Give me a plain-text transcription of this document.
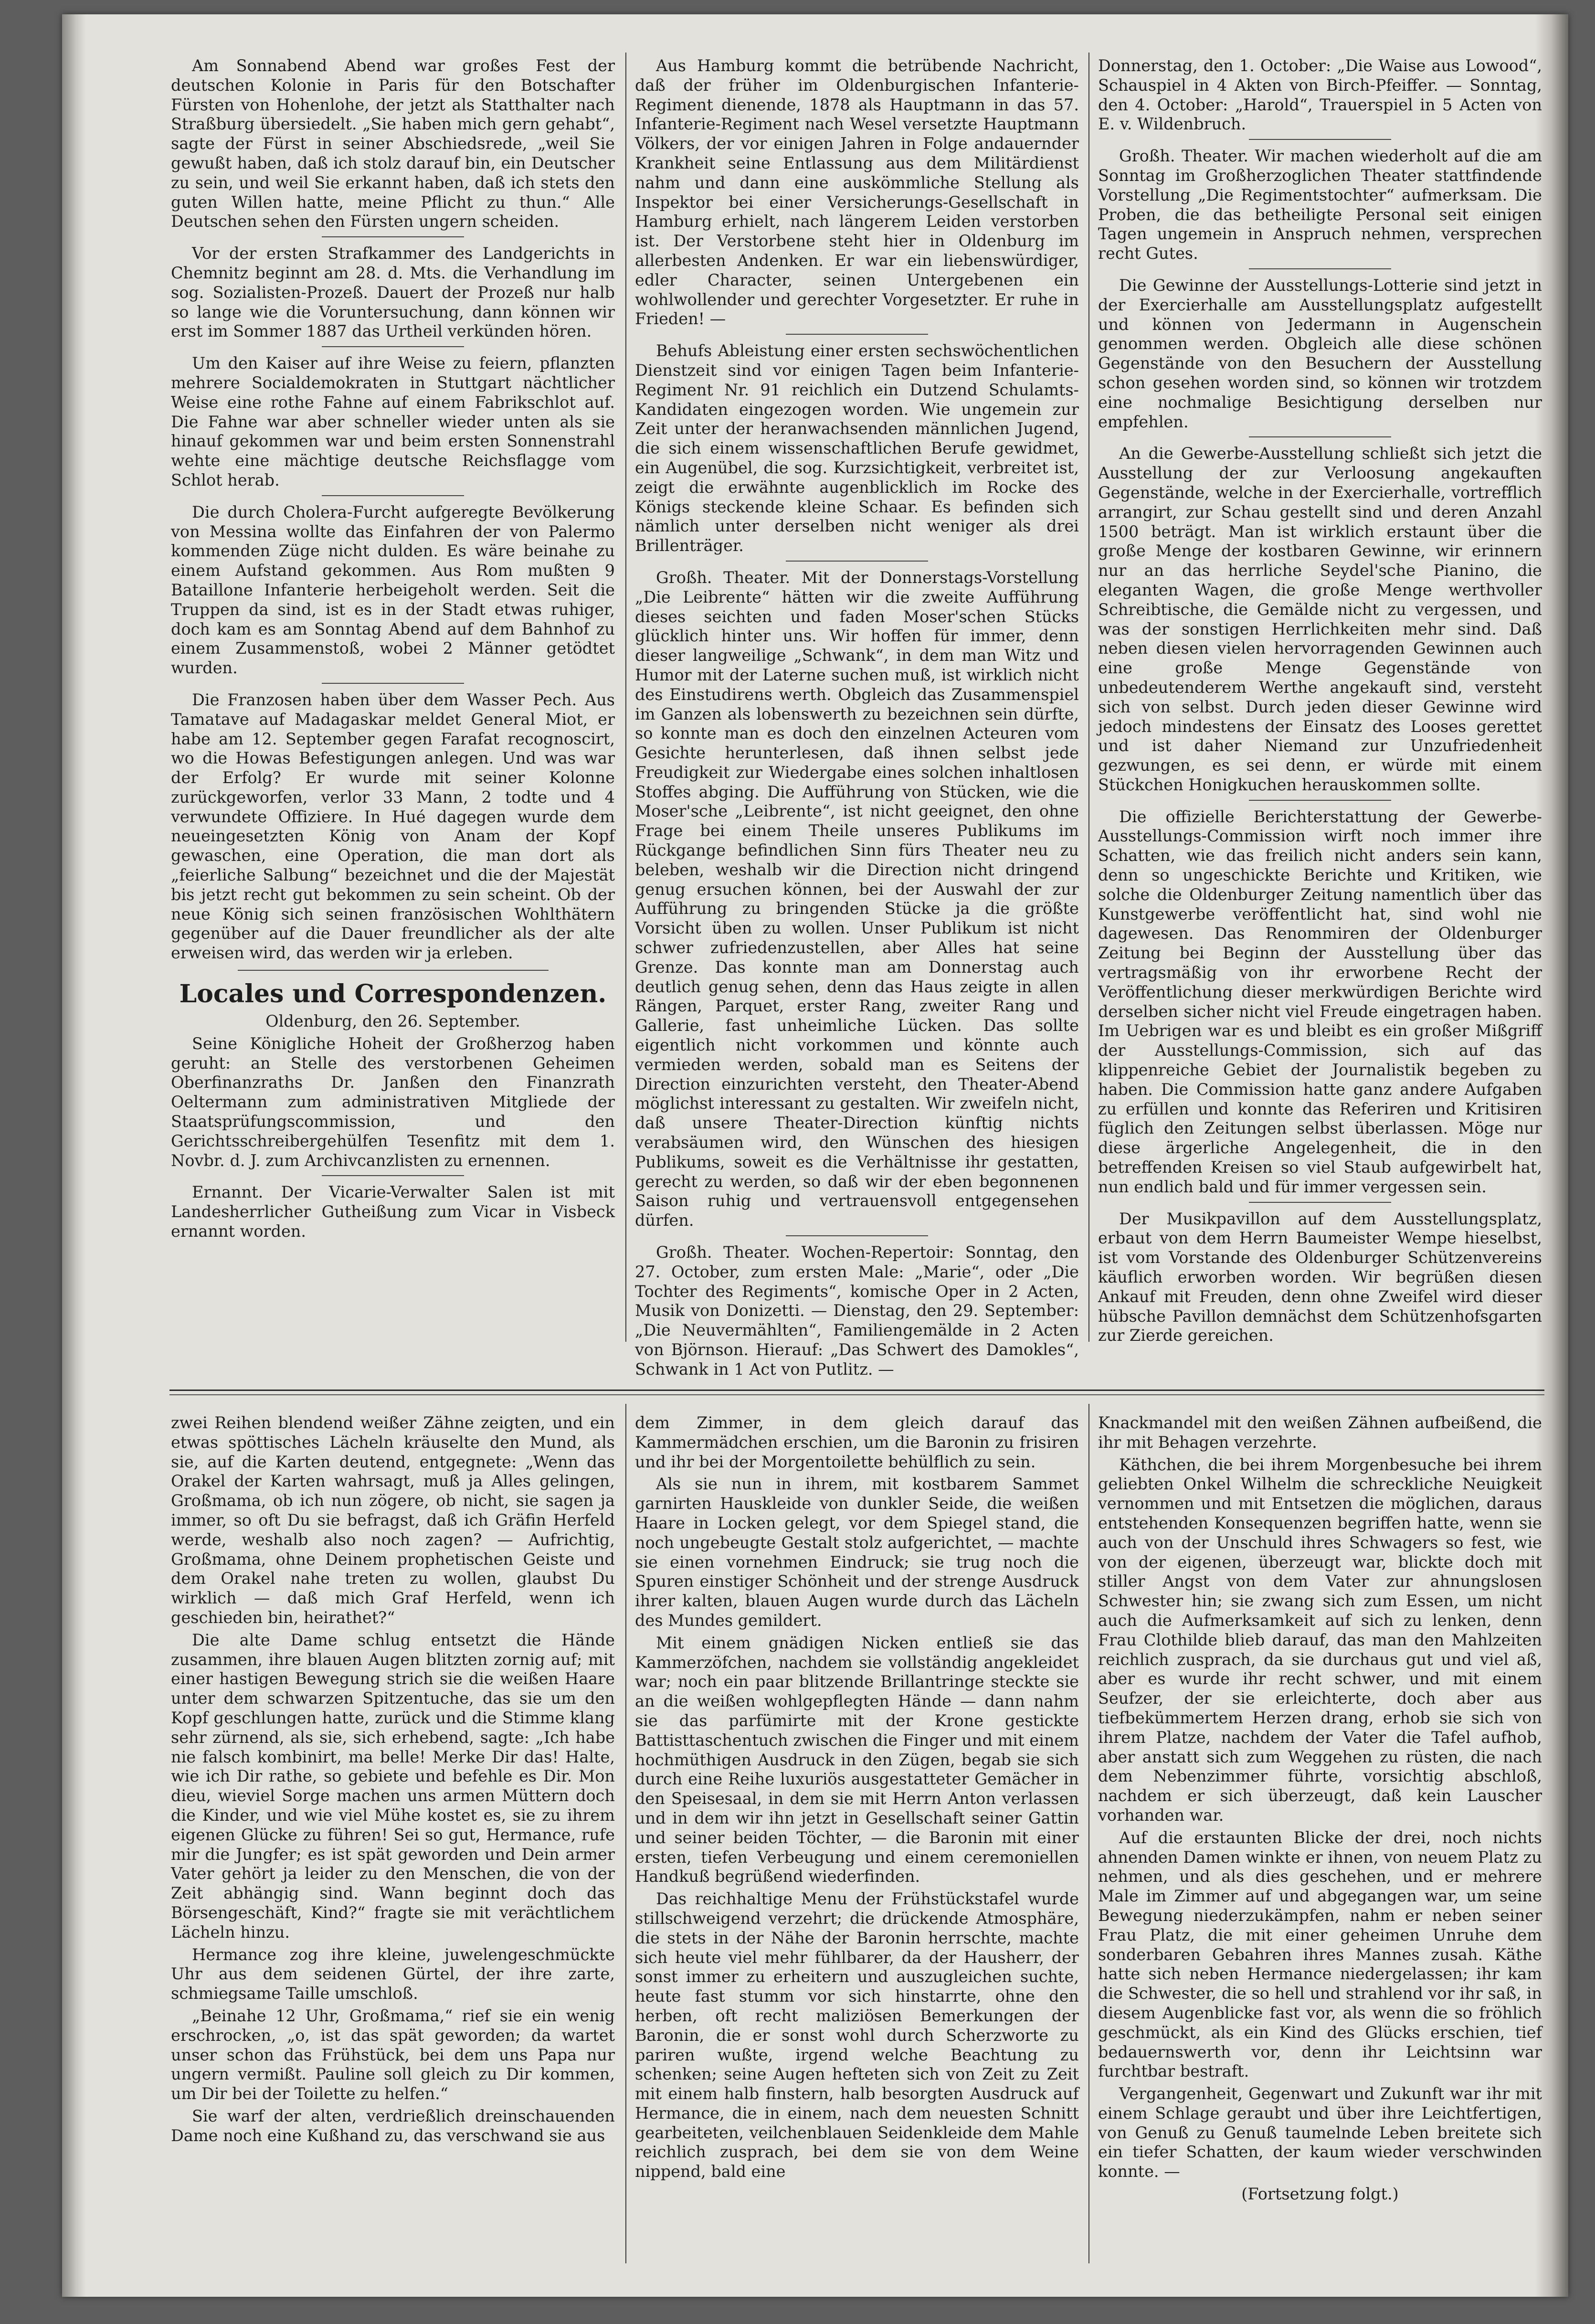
Am Sonnabend Abend war großes Fest der deutschen Kolonie in Paris für den Botschafter Fürsten von Hohenlohe, der jetzt als Statthalter nach Straßburg übersiedelt. „Sie haben mich gern gehabt“, sagte der Fürst in seiner Abschiedsrede, „weil Sie gewußt haben, daß ich stolz darauf bin, ein Deutscher zu sein, und weil Sie erkannt haben, daß ich stets den guten Willen hatte, meine Pflicht zu thun.“ Alle Deutschen sehen den Fürsten ungern scheiden.

Vor der ersten Strafkammer des Landgerichts in Chemnitz beginnt am 28. d. Mts. die Verhandlung im sog. Sozialisten-Prozeß. Dauert der Prozeß nur halb so lange wie die Voruntersuchung, dann können wir erst im Sommer 1887 das Urtheil verkünden hören.

Um den Kaiser auf ihre Weise zu feiern, pflanzten mehrere Socialdemokraten in Stuttgart nächtlicher Weise eine rothe Fahne auf einem Fabrikschlot auf. Die Fahne war aber schneller wieder unten als sie hinauf gekommen war und beim ersten Sonnenstrahl wehte eine mächtige deutsche Reichsflagge vom Schlot herab.

Die durch Cholera-Furcht aufgeregte Bevölkerung von Messina wollte das Einfahren der von Palermo kommenden Züge nicht dulden. Es wäre beinahe zu einem Aufstand gekommen. Aus Rom mußten 9 Bataillone Infanterie herbeigeholt werden. Seit die Truppen da sind, ist es in der Stadt etwas ruhiger, doch kam es am Sonntag Abend auf dem Bahnhof zu einem Zusammenstoß, wobei 2 Männer getödtet wurden.

Die Franzosen haben über dem Wasser Pech. Aus Tamatave auf Madagaskar meldet General Miot, er habe am 12. September gegen Farafat recognoscirt, wo die Howas Befestigungen anlegen. Und was war der Erfolg? Er wurde mit seiner Kolonne zurückgeworfen, verlor 33 Mann, 2 todte und 4 verwundete Offiziere. In Hué dagegen wurde dem neueingesetzten König von Anam der Kopf gewaschen, eine Operation, die man dort als „feierliche Salbung“ bezeichnet und die der Majestät bis jetzt recht gut bekommen zu sein scheint. Ob der neue König sich seinen französischen Wohlthätern gegenüber auf die Dauer freundlicher als der alte erweisen wird, das werden wir ja erleben.

Locales und Correspondenzen.

Oldenburg, den 26. September.

Seine Königliche Hoheit der Großherzog haben geruht: an Stelle des verstorbenen Geheimen Oberfinanzraths Dr. Janßen den Finanzrath Oeltermann zum administrativen Mitgliede der Staatsprüfungscommission, und den Gerichtsschreibergehülfen Tesenfitz mit dem 1. Novbr. d. J. zum Archivcanzlisten zu ernennen.

Ernannt. Der Vicarie-Verwalter Salen ist mit Landesherrlicher Gutheißung zum Vicar in Visbeck ernannt worden.

Aus Hamburg kommt die betrübende Nachricht, daß der früher im Oldenburgischen Infanterie-Regiment dienende, 1878 als Hauptmann in das 57. Infanterie-Regiment nach Wesel versetzte Hauptmann Völkers, der vor einigen Jahren in Folge andauernder Krankheit seine Entlassung aus dem Militärdienst nahm und dann eine auskömmliche Stellung als Inspektor bei einer Versicherungs-Gesellschaft in Hamburg erhielt, nach längerem Leiden verstorben ist. Der Verstorbene steht hier in Oldenburg im allerbesten Andenken. Er war ein liebenswürdiger, edler Character, seinen Untergebenen ein wohlwollender und gerechter Vorgesetzter. Er ruhe in Frieden! —

Behufs Ableistung einer ersten sechswöchentlichen Dienstzeit sind vor einigen Tagen beim Infanterie-Regiment Nr. 91 reichlich ein Dutzend Schulamts-Kandidaten eingezogen worden. Wie ungemein zur Zeit unter der heranwachsenden männlichen Jugend, die sich einem wissenschaftlichen Berufe gewidmet, ein Augenübel, die sog. Kurzsichtigkeit, verbreitet ist, zeigt die erwähnte augenblicklich im Rocke des Königs steckende kleine Schaar. Es befinden sich nämlich unter derselben nicht weniger als drei Brillenträger.

Großh. Theater. Mit der Donnerstags-Vorstellung „Die Leibrente“ hätten wir die zweite Aufführung dieses seichten und faden Moser'schen Stücks glücklich hinter uns. Wir hoffen für immer, denn dieser langweilige „Schwank“, in dem man Witz und Humor mit der Laterne suchen muß, ist wirklich nicht des Einstudirens werth. Obgleich das Zusammenspiel im Ganzen als lobenswerth zu bezeichnen sein dürfte, so konnte man es doch den einzelnen Acteuren vom Gesichte herunterlesen, daß ihnen selbst jede Freudigkeit zur Wiedergabe eines solchen inhaltlosen Stoffes abging. Die Aufführung von Stücken, wie die Moser'sche „Leibrente“, ist nicht geeignet, den ohne Frage bei einem Theile unseres Publikums im Rückgange befindlichen Sinn fürs Theater neu zu beleben, weshalb wir die Direction nicht dringend genug ersuchen können, bei der Auswahl der zur Aufführung zu bringenden Stücke ja die größte Vorsicht üben zu wollen. Unser Publikum ist nicht schwer zufriedenzustellen, aber Alles hat seine Grenze. Das konnte man am Donnerstag auch deutlich genug sehen, denn das Haus zeigte in allen Rängen, Parquet, erster Rang, zweiter Rang und Gallerie, fast unheimliche Lücken. Das sollte eigentlich nicht vorkommen und könnte auch vermieden werden, sobald man es Seitens der Direction einzurichten versteht, den Theater-Abend möglichst interessant zu gestalten. Wir zweifeln nicht, daß unsere Theater-Direction künftig nichts verabsäumen wird, den Wünschen des hiesigen Publikums, soweit es die Verhältnisse ihr gestatten, gerecht zu werden, so daß wir der eben begonnenen Saison ruhig und vertrauensvoll entgegensehen dürfen.

Großh. Theater. Wochen-Repertoir: Sonntag, den 27. October, zum ersten Male: „Marie“, oder „Die Tochter des Regiments“, komische Oper in 2 Acten, Musik von Donizetti. — Dienstag, den 29. September: „Die Neuvermählten“, Familiengemälde in 2 Acten von Björnson. Hierauf: „Das Schwert des Damokles“, Schwank in 1 Act von Putlitz. —

Donnerstag, den 1. October: „Die Waise aus Lowood“, Schauspiel in 4 Akten von Birch-Pfeiffer. — Sonntag, den 4. October: „Harold“, Trauerspiel in 5 Acten von E. v. Wildenbruch.

Großh. Theater. Wir machen wiederholt auf die am Sonntag im Großherzoglichen Theater stattfindende Vorstellung „Die Regimentstochter“ aufmerksam. Die Proben, die das betheiligte Personal seit einigen Tagen ungemein in Anspruch nehmen, versprechen recht Gutes.

Die Gewinne der Ausstellungs-Lotterie sind jetzt in der Exercierhalle am Ausstellungsplatz aufgestellt und können von Jedermann in Augenschein genommen werden. Obgleich alle diese schönen Gegenstände von den Besuchern der Ausstellung schon gesehen worden sind, so können wir trotzdem eine nochmalige Besichtigung derselben nur empfehlen.

An die Gewerbe-Ausstellung schließt sich jetzt die Ausstellung der zur Verloosung angekauften Gegenstände, welche in der Exercierhalle, vortrefflich arrangirt, zur Schau gestellt sind und deren Anzahl 1500 beträgt. Man ist wirklich erstaunt über die große Menge der kostbaren Gewinne, wir erinnern nur an das herrliche Seydel'sche Pianino, die eleganten Wagen, die große Menge werthvoller Schreibtische, die Gemälde nicht zu vergessen, und was der sonstigen Herrlichkeiten mehr sind. Daß neben diesen vielen hervorragenden Gewinnen auch eine große Menge Gegenstände von unbedeutenderem Werthe angekauft sind, versteht sich von selbst. Durch jeden dieser Gewinne wird jedoch mindestens der Einsatz des Looses gerettet und ist daher Niemand zur Unzufriedenheit gezwungen, es sei denn, er würde mit einem Stückchen Honigkuchen herauskommen sollte.

Die offizielle Berichterstattung der Gewerbe-Ausstellungs-Commission wirft noch immer ihre Schatten, wie das freilich nicht anders sein kann, denn so ungeschickte Berichte und Kritiken, wie solche die Oldenburger Zeitung namentlich über das Kunstgewerbe veröffentlicht hat, sind wohl nie dagewesen. Das Renommiren der Oldenburger Zeitung bei Beginn der Ausstellung über das vertragsmäßig von ihr erworbene Recht der Veröffentlichung dieser merkwürdigen Berichte wird derselben sicher nicht viel Freude eingetragen haben. Im Uebrigen war es und bleibt es ein großer Mißgriff der Ausstellungs-Commission, sich auf das klippenreiche Gebiet der Journalistik begeben zu haben. Die Commission hatte ganz andere Aufgaben zu erfüllen und konnte das Referiren und Kritisiren füglich den Zeitungen selbst überlassen. Möge nur diese ärgerliche Angelegenheit, die in den betreffenden Kreisen so viel Staub aufgewirbelt hat, nun endlich bald und für immer vergessen sein.

Der Musikpavillon auf dem Ausstellungsplatz, erbaut von dem Herrn Baumeister Wempe hieselbst, ist vom Vorstande des Oldenburger Schützenvereins käuflich erworben worden. Wir begrüßen diesen Ankauf mit Freuden, denn ohne Zweifel wird dieser hübsche Pavillon demnächst dem Schützenhofsgarten zur Zierde gereichen.

zwei Reihen blendend weißer Zähne zeigten, und ein etwas spöttisches Lächeln kräuselte den Mund, als sie, auf die Karten deutend, entgegnete: „Wenn das Orakel der Karten wahrsagt, muß ja Alles gelingen, Großmama, ob ich nun zögere, ob nicht, sie sagen ja immer, so oft Du sie befragst, daß ich Gräfin Herfeld werde, weshalb also noch zagen? — Aufrichtig, Großmama, ohne Deinem prophetischen Geiste und dem Orakel nahe treten zu wollen, glaubst Du wirklich — daß mich Graf Herfeld, wenn ich geschieden bin, heirathet?“

Die alte Dame schlug entsetzt die Hände zusammen, ihre blauen Augen blitzten zornig auf; mit einer hastigen Bewegung strich sie die weißen Haare unter dem schwarzen Spitzentuche, das sie um den Kopf geschlungen hatte, zurück und die Stimme klang sehr zürnend, als sie, sich erhebend, sagte: „Ich habe nie falsch kombinirt, ma belle! Merke Dir das! Halte, wie ich Dir rathe, so gebiete und befehle es Dir. Mon dieu, wieviel Sorge machen uns armen Müttern doch die Kinder, und wie viel Mühe kostet es, sie zu ihrem eigenen Glücke zu führen! Sei so gut, Hermance, rufe mir die Jungfer; es ist spät geworden und Dein armer Vater gehört ja leider zu den Menschen, die von der Zeit abhängig sind. Wann beginnt doch das Börsengeschäft, Kind?“ fragte sie mit verächtlichem Lächeln hinzu.

Hermance zog ihre kleine, juwelengeschmückte Uhr aus dem seidenen Gürtel, der ihre zarte, schmiegsame Taille umschloß.

„Beinahe 12 Uhr, Großmama,“ rief sie ein wenig erschrocken, „o, ist das spät geworden; da wartet unser schon das Frühstück, bei dem uns Papa nur ungern vermißt. Pauline soll gleich zu Dir kommen, um Dir bei der Toilette zu helfen.“

Sie warf der alten, verdrießlich dreinschauenden Dame noch eine Kußhand zu, das verschwand sie aus

dem Zimmer, in dem gleich darauf das Kammermädchen erschien, um die Baronin zu frisiren und ihr bei der Morgentoilette behülflich zu sein.

Als sie nun in ihrem, mit kostbarem Sammet garnirten Hauskleide von dunkler Seide, die weißen Haare in Locken gelegt, vor dem Spiegel stand, die noch ungebeugte Gestalt stolz aufgerichtet, — machte sie einen vornehmen Eindruck; sie trug noch die Spuren einstiger Schönheit und der strenge Ausdruck ihrer kalten, blauen Augen wurde durch das Lächeln des Mundes gemildert.

Mit einem gnädigen Nicken entließ sie das Kammerzöfchen, nachdem sie vollständig angekleidet war; noch ein paar blitzende Brillantringe steckte sie an die weißen wohlgepflegten Hände — dann nahm sie das parfümirte mit der Krone gestickte Battisttaschentuch zwischen die Finger und mit einem hochmüthigen Ausdruck in den Zügen, begab sie sich durch eine Reihe luxuriös ausgestatteter Gemächer in den Speisesaal, in dem sie mit Herrn Anton verlassen und in dem wir ihn jetzt in Gesellschaft seiner Gattin und seiner beiden Töchter, — die Baronin mit einer ersten, tiefen Verbeugung und einem ceremoniellen Handkuß begrüßend wiederfinden.

Das reichhaltige Menu der Frühstückstafel wurde stillschweigend verzehrt; die drückende Atmosphäre, die stets in der Nähe der Baronin herrschte, machte sich heute viel mehr fühlbarer, da der Hausherr, der sonst immer zu erheitern und auszugleichen suchte, heute fast stumm vor sich hinstarrte, ohne den herben, oft recht maliziösen Bemerkungen der Baronin, die er sonst wohl durch Scherzworte zu pariren wußte, irgend welche Beachtung zu schenken; seine Augen hefteten sich von Zeit zu Zeit mit einem halb finstern, halb besorgten Ausdruck auf Hermance, die in einem, nach dem neuesten Schnitt gearbeiteten, veilchenblauen Seidenkleide dem Mahle reichlich zusprach, bei dem sie von dem Weine nippend, bald eine

Knackmandel mit den weißen Zähnen aufbeißend, die ihr mit Behagen verzehrte.

Käthchen, die bei ihrem Morgenbesuche bei ihrem geliebten Onkel Wilhelm die schreckliche Neuigkeit vernommen und mit Entsetzen die möglichen, daraus entstehenden Konsequenzen begriffen hatte, wenn sie auch von der Unschuld ihres Schwagers so fest, wie von der eigenen, überzeugt war, blickte doch mit stiller Angst von dem Vater zur ahnungslosen Schwester hin; sie zwang sich zum Essen, um nicht auch die Aufmerksamkeit auf sich zu lenken, denn Frau Clothilde blieb darauf, das man den Mahlzeiten reichlich zusprach, da sie durchaus gut und viel aß, aber es wurde ihr recht schwer, und mit einem Seufzer, der sie erleichterte, doch aber aus tiefbekümmertem Herzen drang, erhob sie sich von ihrem Platze, nachdem der Vater die Tafel aufhob, aber anstatt sich zum Weggehen zu rüsten, die nach dem Nebenzimmer führte, vorsichtig abschloß, nachdem er sich überzeugt, daß kein Lauscher vorhanden war.

Auf die erstaunten Blicke der drei, noch nichts ahnenden Damen winkte er ihnen, von neuem Platz zu nehmen, und als dies geschehen, und er mehrere Male im Zimmer auf und abgegangen war, um seine Bewegung niederzukämpfen, nahm er neben seiner Frau Platz, die mit einer geheimen Unruhe dem sonderbaren Gebahren ihres Mannes zusah. Käthe hatte sich neben Hermance niedergelassen; ihr kam die Schwester, die so hell und strahlend vor ihr saß, in diesem Augenblicke fast vor, als wenn die so fröhlich geschmückt, als ein Kind des Glücks erschien, tief bedauernswerth vor, denn ihr Leichtsinn war furchtbar bestraft.

Vergangenheit, Gegenwart und Zukunft war ihr mit einem Schlage geraubt und über ihre Leichtfertigen, von Genuß zu Genuß taumelnde Leben breitete sich ein tiefer Schatten, der kaum wieder verschwinden konnte. —

(Fortsetzung folgt.)
